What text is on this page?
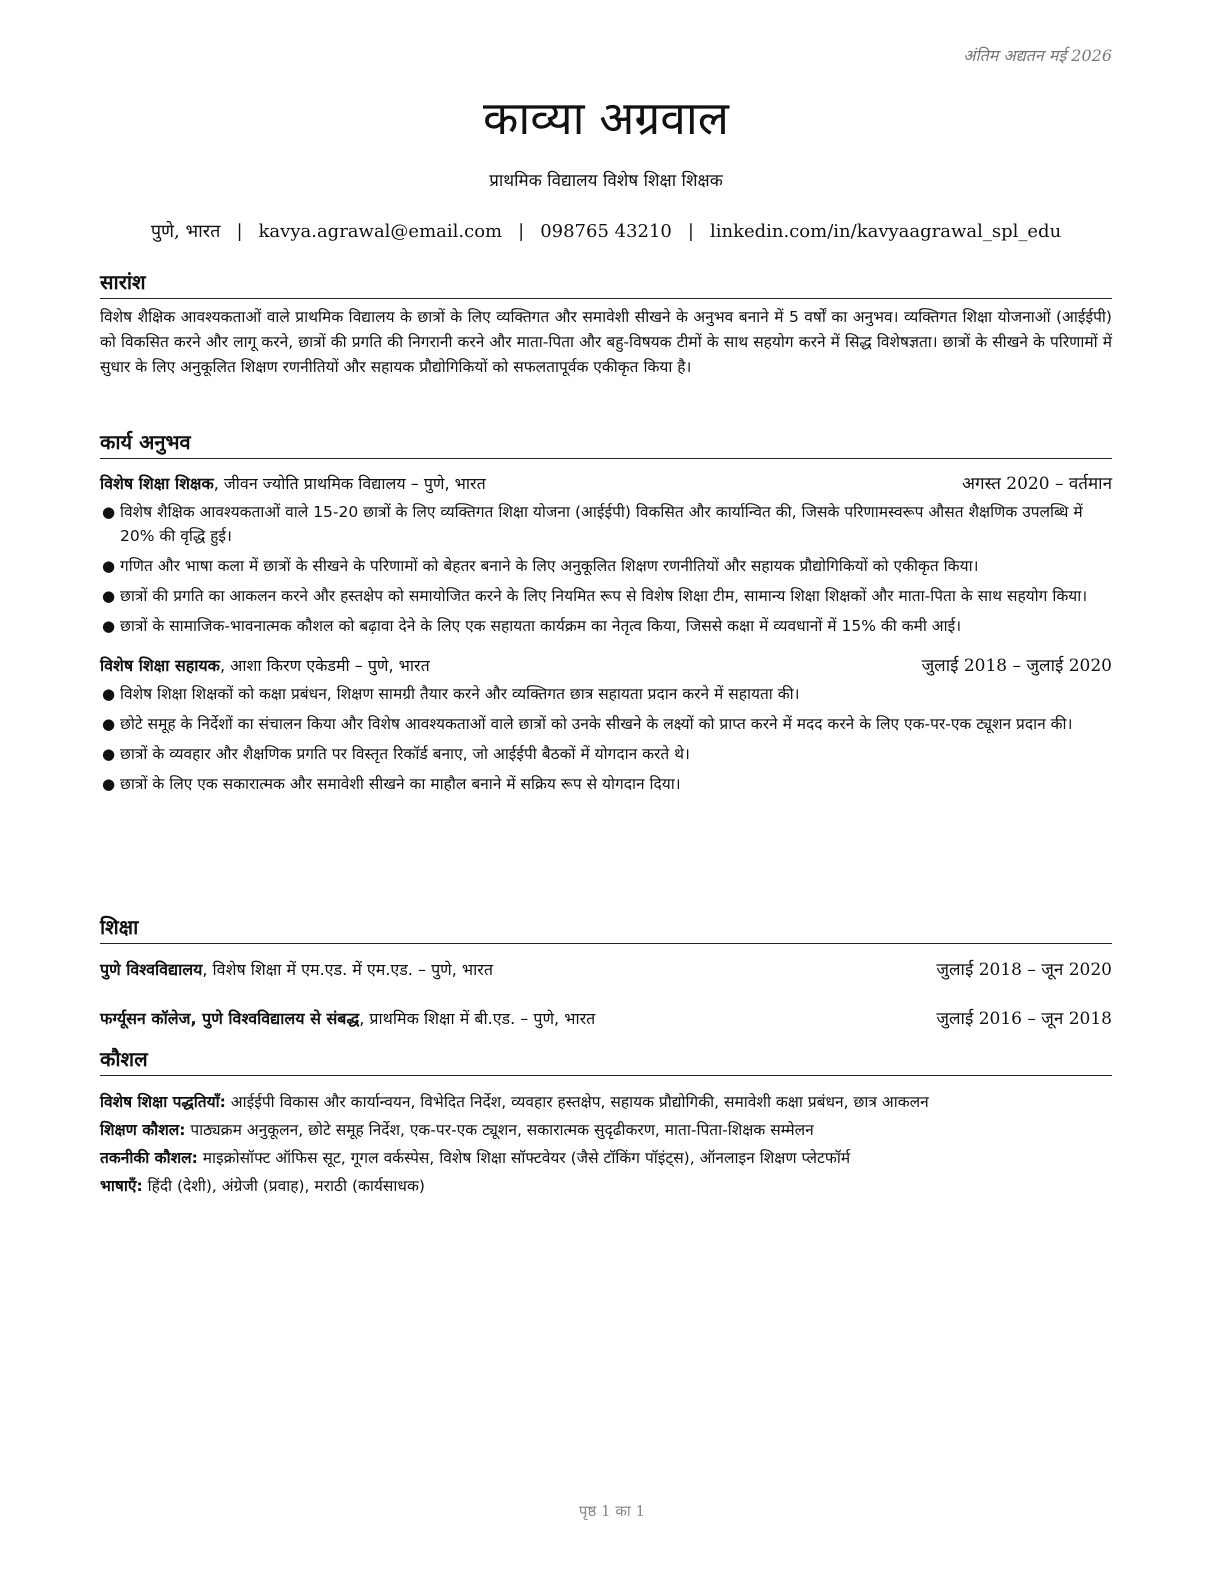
अंतिम अद्यतन मई 2026
काव्या अग्रवाल
प्राथमिक विद्यालय विशेष शिक्षा शिक्षक
पुणे, भारत | kavya.agrawal@email.com | 098765 43210 | linkedin.com/in/kavyaagrawal_spl_edu
सारांश

विशेष शैक्षिक आवश्यकताओं वाले प्राथमिक विद्यालय के छात्रों के लिए व्यक्तिगत और समावेशी सीखने के अनुभव बनाने में 5 वर्षों का अनुभव। व्यक्तिगत शिक्षा योजनाओं (आईईपी) को विकसित करने और लागू करने, छात्रों की प्रगति की निगरानी करने और माता-पिता और बहु-विषयक टीमों के साथ सहयोग करने में सिद्ध विशेषज्ञता। छात्रों के सीखने के परिणामों में सुधार के लिए अनुकूलित शिक्षण रणनीतियों और सहायक प्रौद्योगिकियों को सफलतापूर्वक एकीकृत किया है।

कार्य अनुभव
विशेष शिक्षा शिक्षक, जीवन ज्योति प्राथमिक विद्यालय – पुणे, भारत	अगस्त 2020 – वर्तमान
● विशेष शैक्षिक आवश्यकताओं वाले 15-20 छात्रों के लिए व्यक्तिगत शिक्षा योजना (आईईपी) विकसित और कार्यान्वित की, जिसके परिणामस्वरूप औसत शैक्षणिक उपलब्धि में 20% की वृद्धि हुई।
● गणित और भाषा कला में छात्रों के सीखने के परिणामों को बेहतर बनाने के लिए अनुकूलित शिक्षण रणनीतियों और सहायक प्रौद्योगिकियों को एकीकृत किया।
● छात्रों की प्रगति का आकलन करने और हस्तक्षेप को समायोजित करने के लिए नियमित रूप से विशेष शिक्षा टीम, सामान्य शिक्षा शिक्षकों और माता-पिता के साथ सहयोग किया।
● छात्रों के सामाजिक-भावनात्मक कौशल को बढ़ावा देने के लिए एक सहायता कार्यक्रम का नेतृत्व किया, जिससे कक्षा में व्यवधानों में 15% की कमी आई।
विशेष शिक्षा सहायक, आशा किरण एकेडमी – पुणे, भारत	जुलाई 2018 – जुलाई 2020
● विशेष शिक्षा शिक्षकों को कक्षा प्रबंधन, शिक्षण सामग्री तैयार करने और व्यक्तिगत छात्र सहायता प्रदान करने में सहायता की।
● छोटे समूह के निर्देशों का संचालन किया और विशेष आवश्यकताओं वाले छात्रों को उनके सीखने के लक्ष्यों को प्राप्त करने में मदद करने के लिए एक-पर-एक ट्यूशन प्रदान की।
● छात्रों के व्यवहार और शैक्षणिक प्रगति पर विस्तृत रिकॉर्ड बनाए, जो आईईपी बैठकों में योगदान करते थे।
● छात्रों के लिए एक सकारात्मक और समावेशी सीखने का माहौल बनाने में सक्रिय रूप से योगदान दिया।
शिक्षा
पुणे विश्वविद्यालय, विशेष शिक्षा में एम.एड. में एम.एड. – पुणे, भारत	जुलाई 2018 – जून 2020
फर्ग्यूसन कॉलेज, पुणे विश्वविद्यालय से संबद्ध, प्राथमिक शिक्षा में बी.एड. – पुणे, भारत	जुलाई 2016 – जून 2018
कौशल
विशेष शिक्षा पद्धतियाँ: आईईपी विकास और कार्यान्वयन, विभेदित निर्देश, व्यवहार हस्तक्षेप, सहायक प्रौद्योगिकी, समावेशी कक्षा प्रबंधन, छात्र आकलन
शिक्षण कौशल: पाठ्यक्रम अनुकूलन, छोटे समूह निर्देश, एक-पर-एक ट्यूशन, सकारात्मक सुदृढीकरण, माता-पिता-शिक्षक सम्मेलन
तकनीकी कौशल: माइक्रोसॉफ्ट ऑफिस सूट, गूगल वर्कस्पेस, विशेष शिक्षा सॉफ्टवेयर (जैसे टॉकिंग पॉइंट्स), ऑनलाइन शिक्षण प्लेटफॉर्म
भाषाएँ: हिंदी (देशी), अंग्रेजी (प्रवाह), मराठी (कार्यसाधक)
पृष्ठ 1 का 1
